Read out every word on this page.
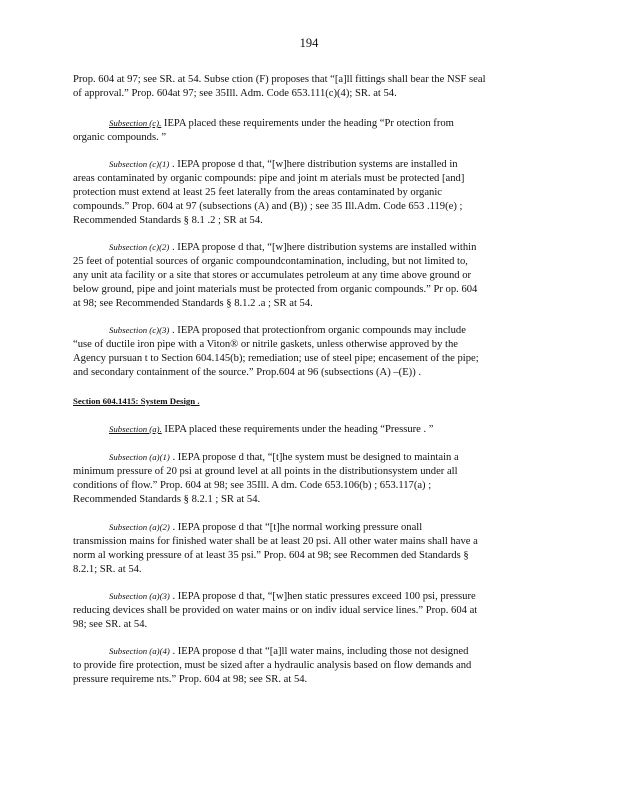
194
Prop. 604 at 97; see SR. at 54. Subse ction (F) proposes that “[a]ll fittings shall bear the NSF seal
of approval.” Prop. 604at 97; see 35Ill. Adm. Code 653.111(c)(4); SR. at 54.
Subsection (c). IEPA placed these requirements under the heading “Pr otection from
organic compounds. ”
Subsection (c)(1) . IEPA propose d that, “[w]here distribution systems are installed in
areas contaminated by organic compounds: pipe and joint m aterials must be protected [and]
protection must extend at least 25 feet laterally from the areas contaminated by organic
compounds.” Prop. 604 at 97 (subsections (A) and (B)) ; see 35 Ill.Adm. Code 653 .119(e) ;
Recommended Standards § 8.1 .2 ; SR at 54.
Subsection (c)(2) . IEPA propose d that, “[w]here distribution systems are installed within
25 feet of potential sources of organic compoundcontamination, including, but not limited to,
any unit ata facility or a site that stores or accumulates petroleum at any time above ground or
below ground, pipe and joint materials must be protected from organic compounds.” Pr op. 604
at 98; see Recommended Standards § 8.1.2 .a ; SR at 54.
Subsection (c)(3) . IEPA proposed that protectionfrom organic compounds may include
“use of ductile iron pipe with a Viton® or nitrile gaskets, unless otherwise approved by the
Agency pursuan t to Section 604.145(b); remediation; use of steel pipe; encasement of the pipe;
and secondary containment of the source.” Prop.604 at 96 (subsections (A) –(E)) .
Section 604.1415: System Design .
Subsection (a). IEPA placed these requirements under the heading “Pressure . ”
Subsection (a)(1) . IEPA propose d that, “[t]he system must be designed to maintain a
minimum pressure of 20 psi at ground level at all points in the distributionsystem under all
conditions of flow.” Prop. 604 at 98; see 35Ill. A dm. Code 653.106(b) ; 653.117(a) ;
Recommended Standards § 8.2.1 ; SR at 54.
Subsection (a)(2) . IEPA propose d that “[t]he normal working pressure onall
transmission mains for finished water shall be at least 20 psi. All other water mains shall have a
norm al working pressure of at least 35 psi.” Prop. 604 at 98; see Recommen ded Standards §
8.2.1; SR. at 54.
Subsection (a)(3) . IEPA propose d that, “[w]hen static pressures exceed 100 psi, pressure
reducing devices shall be provided on water mains or on indiv idual service lines.” Prop. 604 at
98; see SR. at 54.
Subsection (a)(4) . IEPA propose d that “[a]ll water mains, including those not designed
to provide fire protection, must be sized after a hydraulic analysis based on flow demands and
pressure requireme nts.” Prop. 604 at 98; see SR. at 54.
